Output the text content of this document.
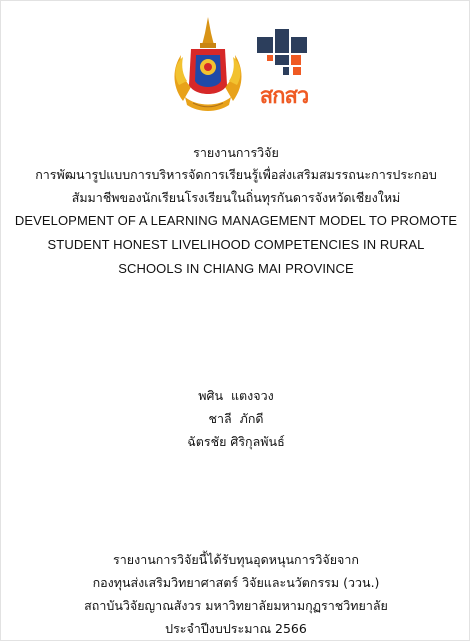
สกสว
รายงานการวิจัย
การพัฒนารูปแบบการบริหารจัดการเรียนรู้เพื่อส่งเสริมสมรรถนะการประกอบ
สัมมาชีพของนักเรียนโรงเรียนในถิ่นทุรกันดารจังหวัดเชียงใหม่
DEVELOPMENT OF A LEARNING MANAGEMENT MODEL TO PROMOTE
STUDENT HONEST LIVELIHOOD COMPETENCIES IN RURAL
SCHOOLS IN CHIANG MAI PROVINCE
พศิน  แตงจวง
ชาลี  ภักดี
ฉัตรชัย ศิริกุลพันธ์
รายงานการวิจัยนี้ได้รับทุนอุดหนุนการวิจัยจาก
กองทุนส่งเสริมวิทยาศาสตร์ วิจัยและนวัตกรรม (ววน.)
สถาบันวิจัยญาณสังวร มหาวิทยาลัยมหามกุฏราชวิทยาลัย
ประจำปีงบประมาณ 2566
